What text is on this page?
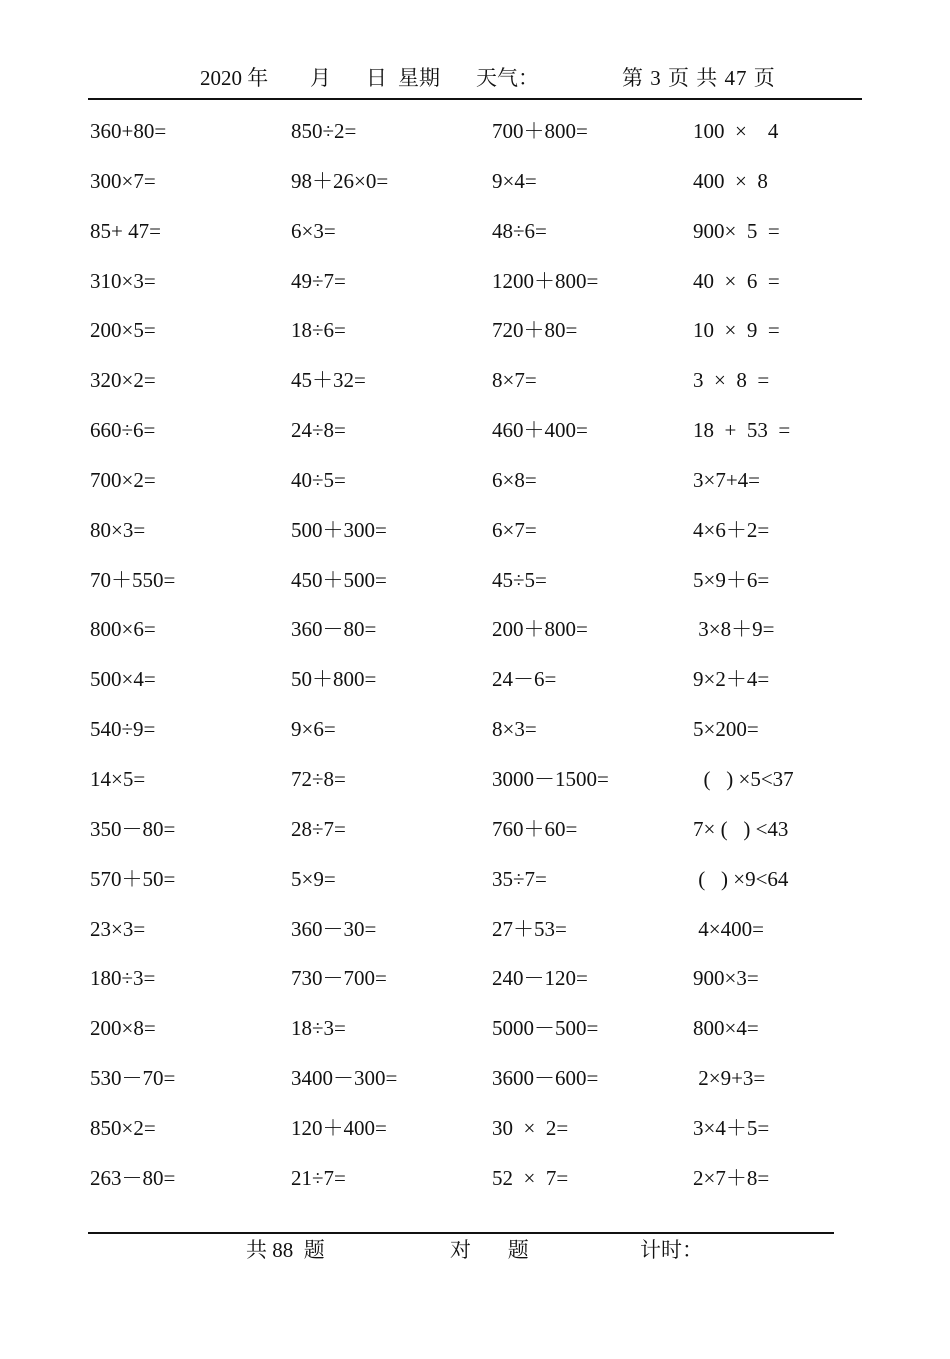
2020 年 月 日 星期 天气：	第 3 页 共 47 页
360+80=	850÷2=	700＋800=	100  ×    4
300×7=	98＋26×0=	9×4=	400  ×  8
85+ 47=	6×3=	48÷6=	900×  5  =
310×3=	49÷7=	1200＋800=	40  ×  6  =
200×5=	18÷6=	720＋80=	10  ×  9  =
320×2=	45＋32=	8×7=	3  ×  8  =
660÷6=	24÷8=	460＋400=	18  +  53  =
700×2=	40÷5=	6×8=	3×7+4=
80×3=	500＋300=	6×7=	4×6＋2=
70＋550=	450＋500=	45÷5=	5×9＋6=
800×6=	360－80=	200＋800=	3×8＋9=
500×4=	50＋800=	24－6=	9×2＋4=
540÷9=	9×6=	8×3=	5×200=
14×5=	72÷8=	3000－1500=	(   ) ×5<37
350－80=	28÷7=	760＋60=	7× (   ) <43
570＋50=	5×9=	35÷7=	(   ) ×9<64
23×3=	360－30=	27＋53=	4×400=
180÷3=	730－700=	240－120=	900×3=
200×8=	18÷3=	5000－500=	800×4=
530－70=	3400－300=	3600－600=	2×9+3=
850×2=	120＋400=	30  ×  2=	3×4＋5=
263－80=	21÷7=	52  ×  7=	2×7＋8=

共 88  题

	对       题

	计时：
